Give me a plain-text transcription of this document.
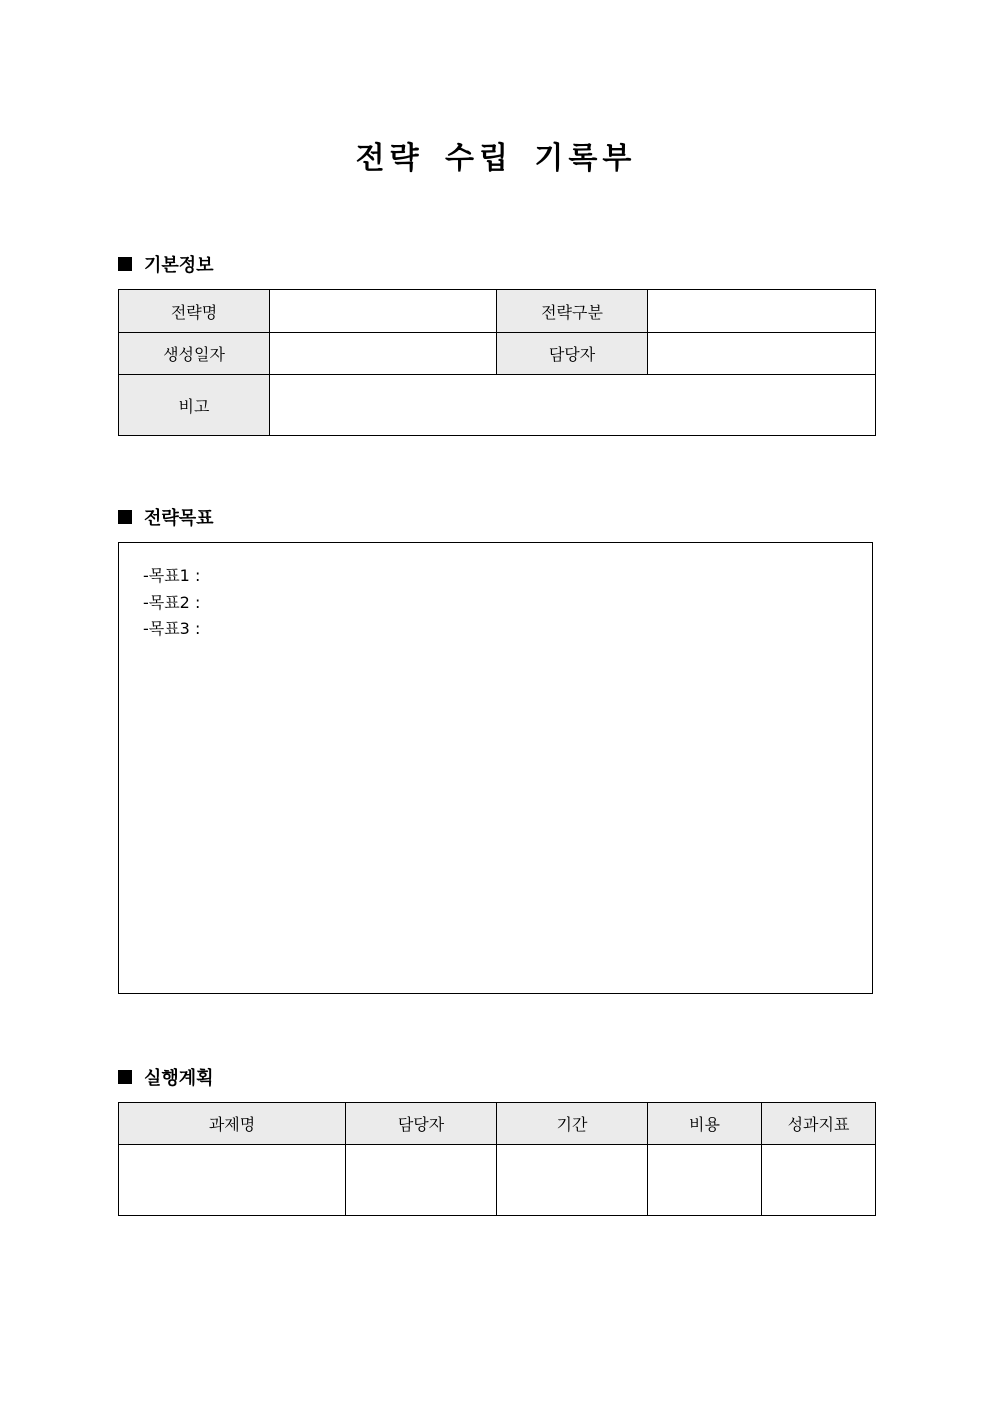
전략 수립 기록부
기본정보
전략명		전략구분	
생성일자		담당자	
비고			
전략목표
-목표1 :
-목표2 :
-목표3 :
실행계획
과제명	담당자	기간	비용	성과지표
